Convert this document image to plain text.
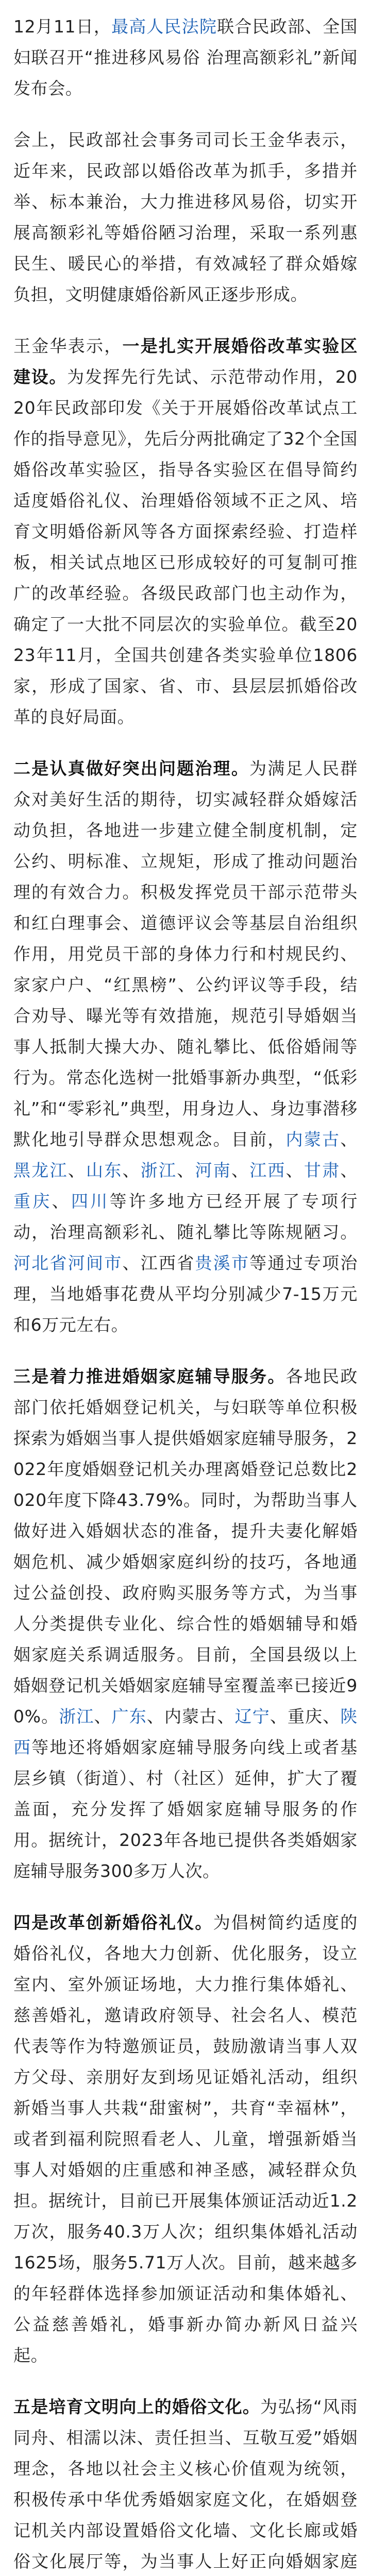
12月11日，最高人民法院联合民政部、全国妇联召开“推进移风易俗 治理高额彩礼”新闻发布会。

会上，民政部社会事务司司长王金华表示，近年来，民政部以婚俗改革为抓手，多措并举、标本兼治，大力推进移风易俗，切实开展高额彩礼等婚俗陋习治理，采取一系列惠民生、暖民心的举措，有效减轻了群众婚嫁负担，文明健康婚俗新风正逐步形成。

王金华表示，一是扎实开展婚俗改革实验区建设。为发挥先行先试、示范带动作用，2020年民政部印发《关于开展婚俗改革试点工作的指导意见》，先后分两批确定了32个全国婚俗改革实验区，指导各实验区在倡导简约适度婚俗礼仪、治理婚俗领域不正之风、培育文明婚俗新风等各方面探索经验、打造样板，相关试点地区已形成较好的可复制可推广的改革经验。各级民政部门也主动作为，确定了一大批不同层次的实验单位。截至2023年11月，全国共创建各类实验单位1806家，形成了国家、省、市、县层层抓婚俗改革的良好局面。

二是认真做好突出问题治理。为满足人民群众对美好生活的期待，切实减轻群众婚嫁活动负担，各地进一步建立健全制度机制，定公约、明标准、立规矩，形成了推动问题治理的有效合力。积极发挥党员干部示范带头和红白理事会、道德评议会等基层自治组织作用，用党员干部的身体力行和村规民约、家家户户、“红黑榜”、公约评议等手段，结合劝导、曝光等有效措施，规范引导婚姻当事人抵制大操大办、随礼攀比、低俗婚闹等行为。常态化选树一批婚事新办典型，“低彩礼”和“零彩礼”典型，用身边人、身边事潜移默化地引导群众思想观念。目前，内蒙古、黑龙江、山东、浙江、河南、江西、甘肃、重庆、四川等许多地方已经开展了专项行动，治理高额彩礼、随礼攀比等陈规陋习。河北省河间市、江西省贵溪市等通过专项治理，当地婚事花费从平均分别减少7-15万元和6万元左右。

三是着力推进婚姻家庭辅导服务。各地民政部门依托婚姻登记机关，与妇联等单位积极探索为婚姻当事人提供婚姻家庭辅导服务，2022年度婚姻登记机关办理离婚登记总数比2020年度下降43.79%。同时，为帮助当事人做好进入婚姻状态的准备，提升夫妻化解婚姻危机、减少婚姻家庭纠纷的技巧，各地通过公益创投、政府购买服务等方式，为当事人分类提供专业化、综合性的婚姻辅导和婚姻家庭关系调适服务。目前，全国县级以上婚姻登记机关婚姻家庭辅导室覆盖率已接近90%。浙江、广东、内蒙古、辽宁、重庆、陕西等地还将婚姻家庭辅导服务向线上或者基层乡镇（街道）、村（社区）延伸，扩大了覆盖面，充分发挥了婚姻家庭辅导服务的作用。据统计，2023年各地已提供各类婚姻家庭辅导服务300多万人次。

四是改革创新婚俗礼仪。为倡树简约适度的婚俗礼仪，各地大力创新、优化服务，设立室内、室外颁证场地，大力推行集体婚礼、慈善婚礼，邀请政府领导、社会名人、模范代表等作为特邀颁证员，鼓励激请当事人双方父母、亲朋好友到场见证婚礼活动，组织新婚当事人共栽“甜蜜树”，共育“幸福林”，或者到福利院照看老人、儿童，增强新婚当事人对婚姻的庄重感和神圣感，减轻群众负担。据统计，目前已开展集体颁证活动近1.2万次，服务40.3万人次；组织集体婚礼活动1625场，服务5.71万人次。目前，越来越多的年轻群体选择参加颁证活动和集体婚礼、公益慈善婚礼，婚事新办简办新风日益兴起。

五是培育文明向上的婚俗文化。为弘扬“风雨同舟、相濡以沫、责任担当、互敬互爱”婚姻理念，各地以社会主义核心价值观为统领，积极传承中华优秀婚姻家庭文化，在婚姻登记机关内部设置婚俗文化墙、文化长廊或婚俗文化展厅等，为当事人上好正向婚姻家庭
